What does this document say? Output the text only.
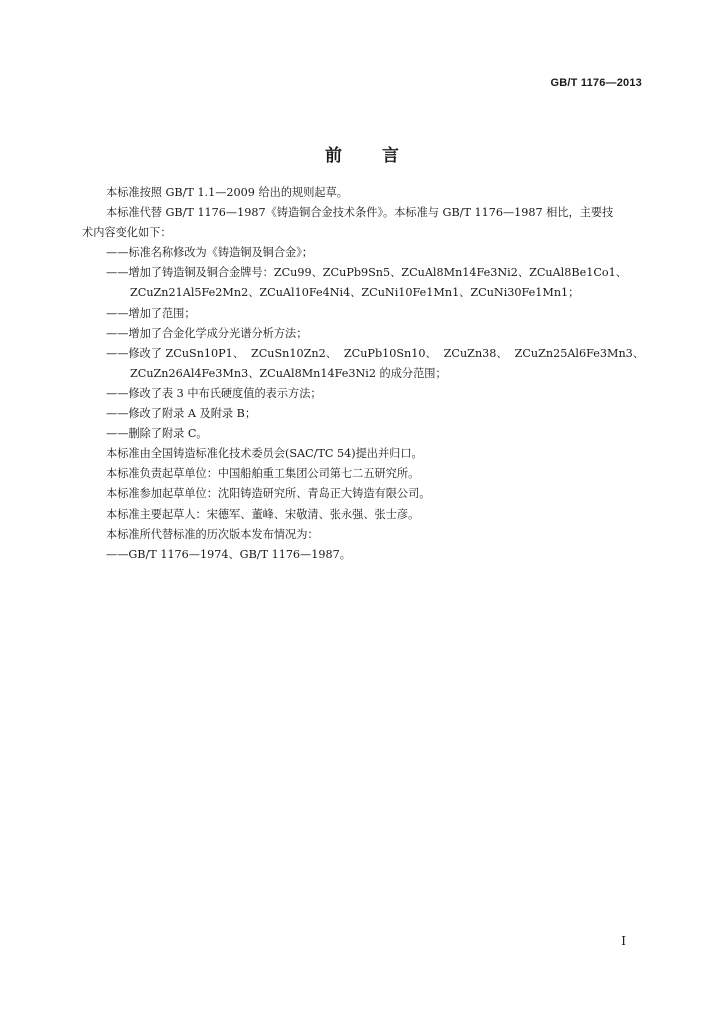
GB/T 1176—2013
前言

本标准按照 GB/T 1.1—2009 给出的规则起草。

本标准代替 GB/T 1176—1987《铸造铜合金技术条件》。本标准与 GB/T 1176—1987 相比，主要技

术内容变化如下：

——标准名称修改为《铸造铜及铜合金》；

——增加了铸造铜及铜合金牌号：ZCu99、ZCuPb9Sn5、ZCuAl8Mn14Fe3Ni2、ZCuAl8Be1Co1、

ZCuZn21Al5Fe2Mn2、ZCuAl10Fe4Ni4、ZCuNi10Fe1Mn1、ZCuNi30Fe1Mn1；

——增加了范围；

——增加了合金化学成分光谱分析方法；

——修改了 ZCuSn10P1、 ZCuSn10Zn2、 ZCuPb10Sn10、 ZCuZn38、 ZCuZn25Al6Fe3Mn3、

ZCuZn26Al4Fe3Mn3、ZCuAl8Mn14Fe3Ni2 的成分范围；

——修改了表 3 中布氏硬度值的表示方法；

——修改了附录 A 及附录 B；

——删除了附录 C。

本标准由全国铸造标准化技术委员会(SAC/TC 54)提出并归口。

本标准负责起草单位：中国船舶重工集团公司第七二五研究所。

本标准参加起草单位：沈阳铸造研究所、青岛正大铸造有限公司。

本标准主要起草人：宋德军、董峰、宋敬清、张永强、张士彦。

本标准所代替标准的历次版本发布情况为：

——GB/T 1176—1974、GB/T 1176—1987。

I
